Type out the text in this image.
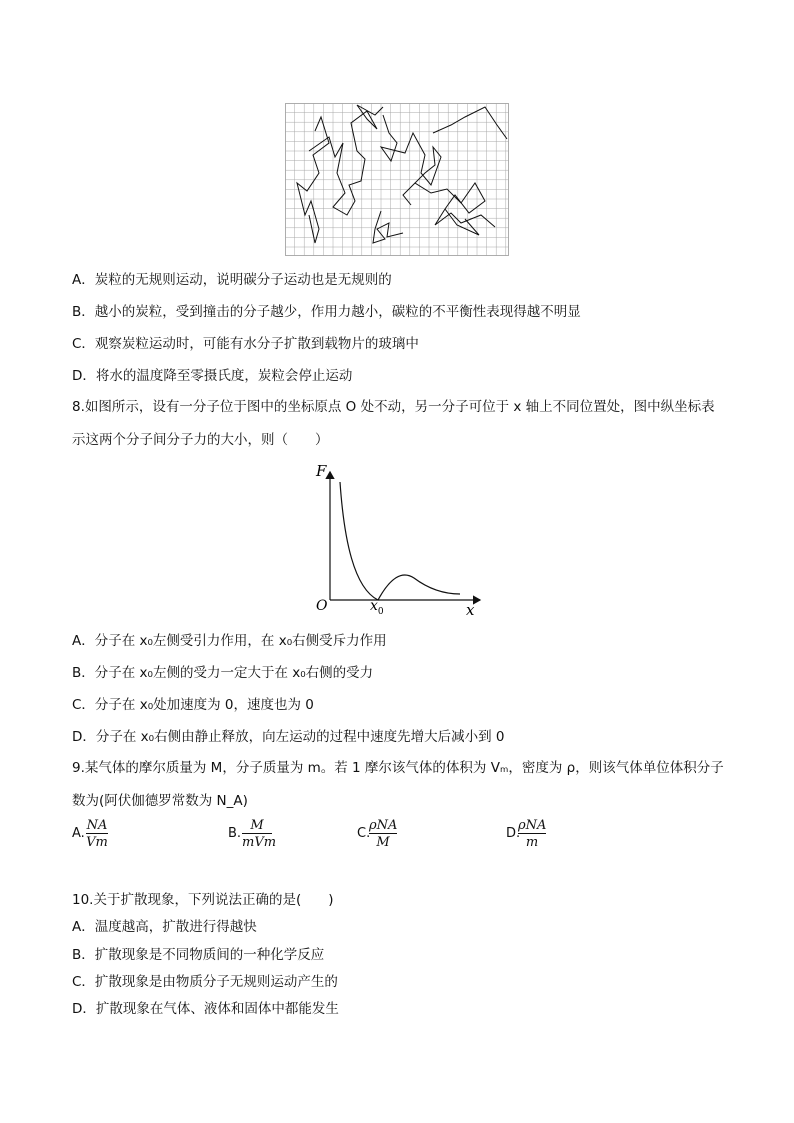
A．炭粒的无规则运动，说明碳分子运动也是无规则的
B．越小的炭粒，受到撞击的分子越少，作用力越小，碳粒的不平衡性表现得越不明显
C．观察炭粒运动时，可能有水分子扩散到载物片的玻璃中
D．将水的温度降至零摄氏度，炭粒会停止运动
8.如图所示，设有一分子位于图中的坐标原点 O 处不动，另一分子可位于 x 轴上不同位置处，图中纵坐标表
示这两个分子间分子力的大小，则（　　）
F
x
O	$x_0$
A．分子在 x₀左侧受引力作用，在 x₀右侧受斥力作用
B．分子在 x₀左侧的受力一定大于在 x₀右侧的受力
C．分子在 x₀处加速度为 0，速度也为 0
D．分子在 x₀右侧由静止释放，向左运动的过程中速度先增大后减小到 0
9.某气体的摩尔质量为 M，分子质量为 m。若 1 摩尔该气体的体积为 Vₘ，密度为 ρ，则该气体单位体积分子
数为(阿伏伽德罗常数为 N_A)
A.
NA
Vm
B.
M
mVm
C.
ρNA
M
D.
ρNA
m
10.关于扩散现象，下列说法正确的是(　　)
A．温度越高，扩散进行得越快
B．扩散现象是不同物质间的一种化学反应
C．扩散现象是由物质分子无规则运动产生的
D．扩散现象在气体、液体和固体中都能发生
